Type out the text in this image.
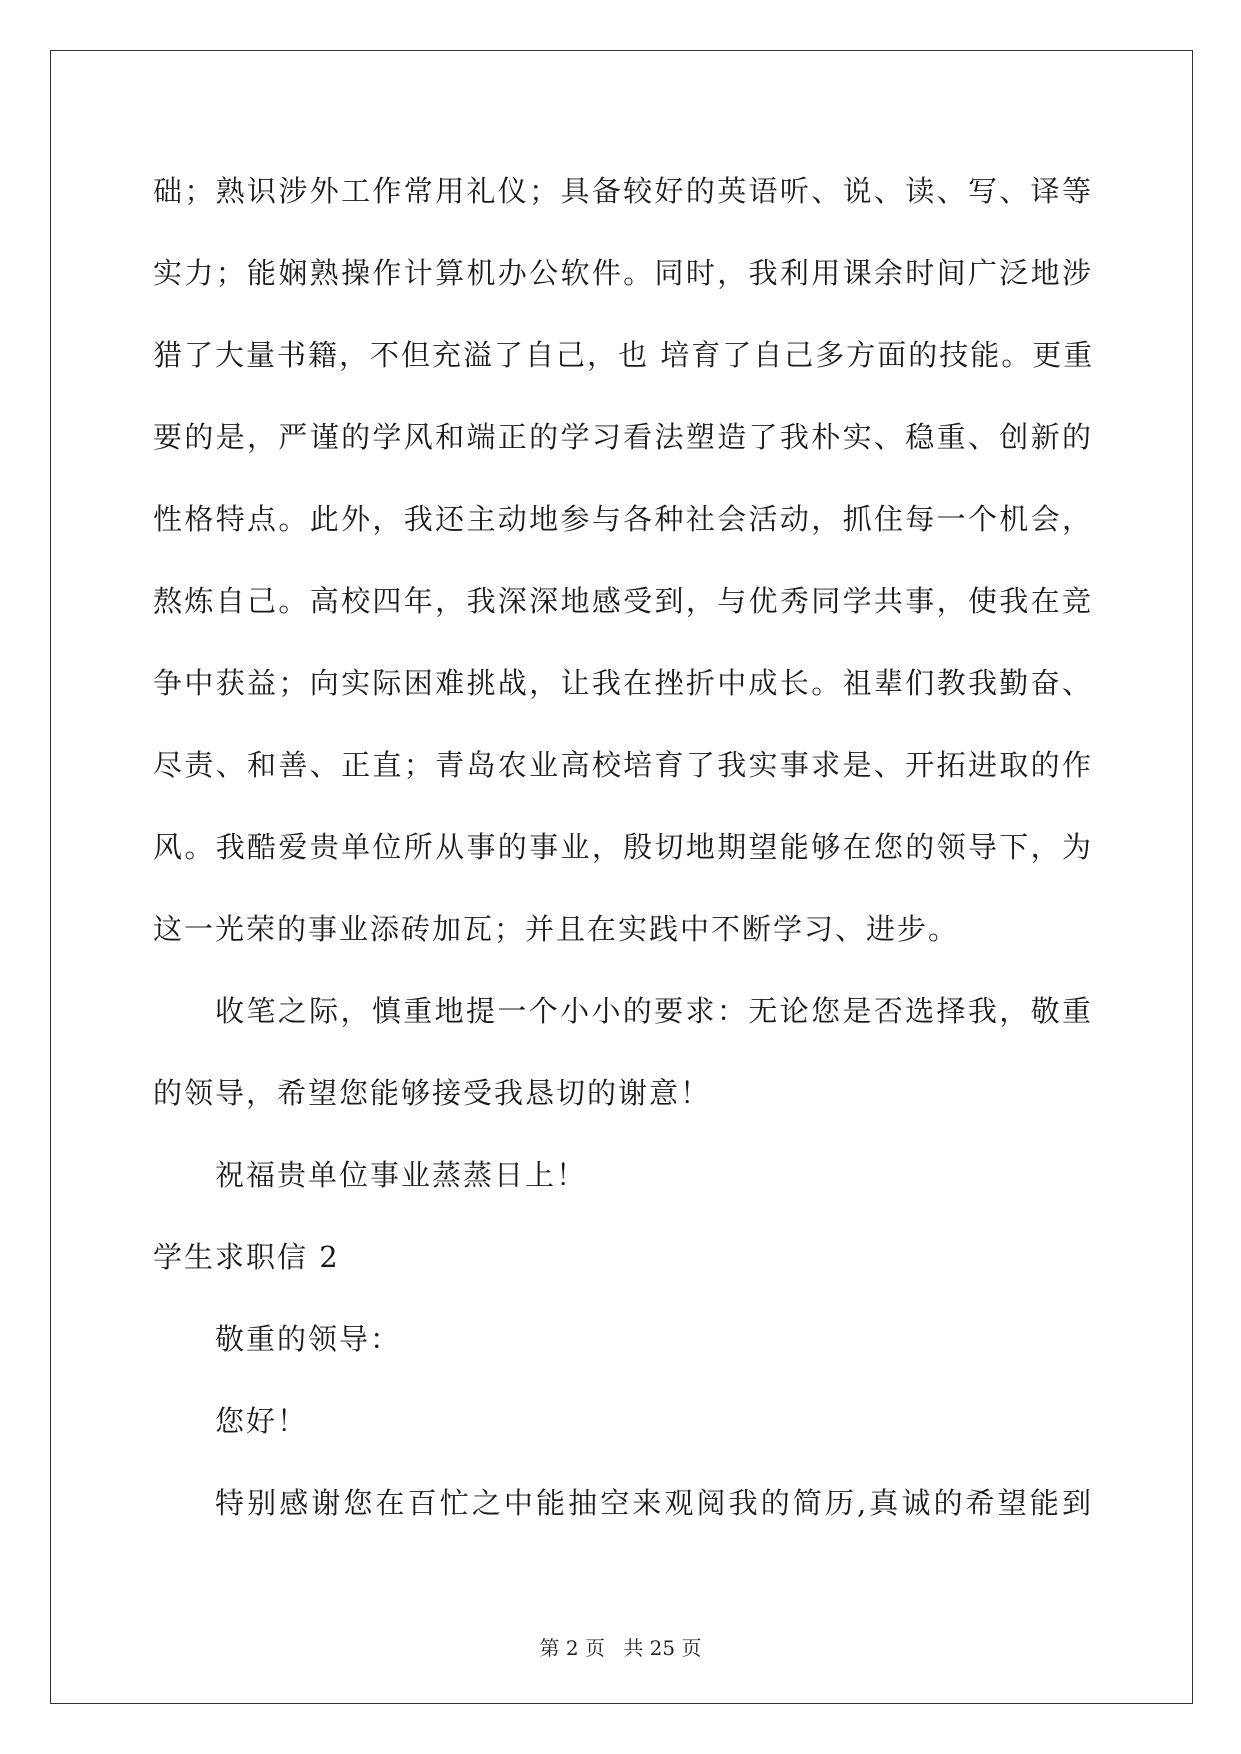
础；熟识涉外工作常用礼仪；具备较好的英语听、说、读、写、译等
实力；能娴熟操作计算机办公软件。同时，我利用课余时间广泛地涉
猎了大量书籍，不但充溢了自己，也 培育了自己多方面的技能。更重
要的是，严谨的学风和端正的学习看法塑造了我朴实、稳重、创新的
性格特点。此外，我还主动地参与各种社会活动，抓住每一个机会，
熬炼自己。高校四年，我深深地感受到，与优秀同学共事，使我在竞
争中获益；向实际困难挑战，让我在挫折中成长。祖辈们教我勤奋、
尽责、和善、正直；青岛农业高校培育了我实事求是、开拓进取的作
风。我酷爱贵单位所从事的事业，殷切地期望能够在您的领导下，为
这一光荣的事业添砖加瓦；并且在实践中不断学习、进步。
收笔之际，慎重地提一个小小的要求：无论您是否选择我，敬重
的领导，希望您能够接受我恳切的谢意！
祝福贵单位事业蒸蒸日上！
学生求职信 2
敬重的领导：
您好！
特别感谢您在百忙之中能抽空来观阅我的简历,真诚的希望能到
第 2 页 共 25 页
